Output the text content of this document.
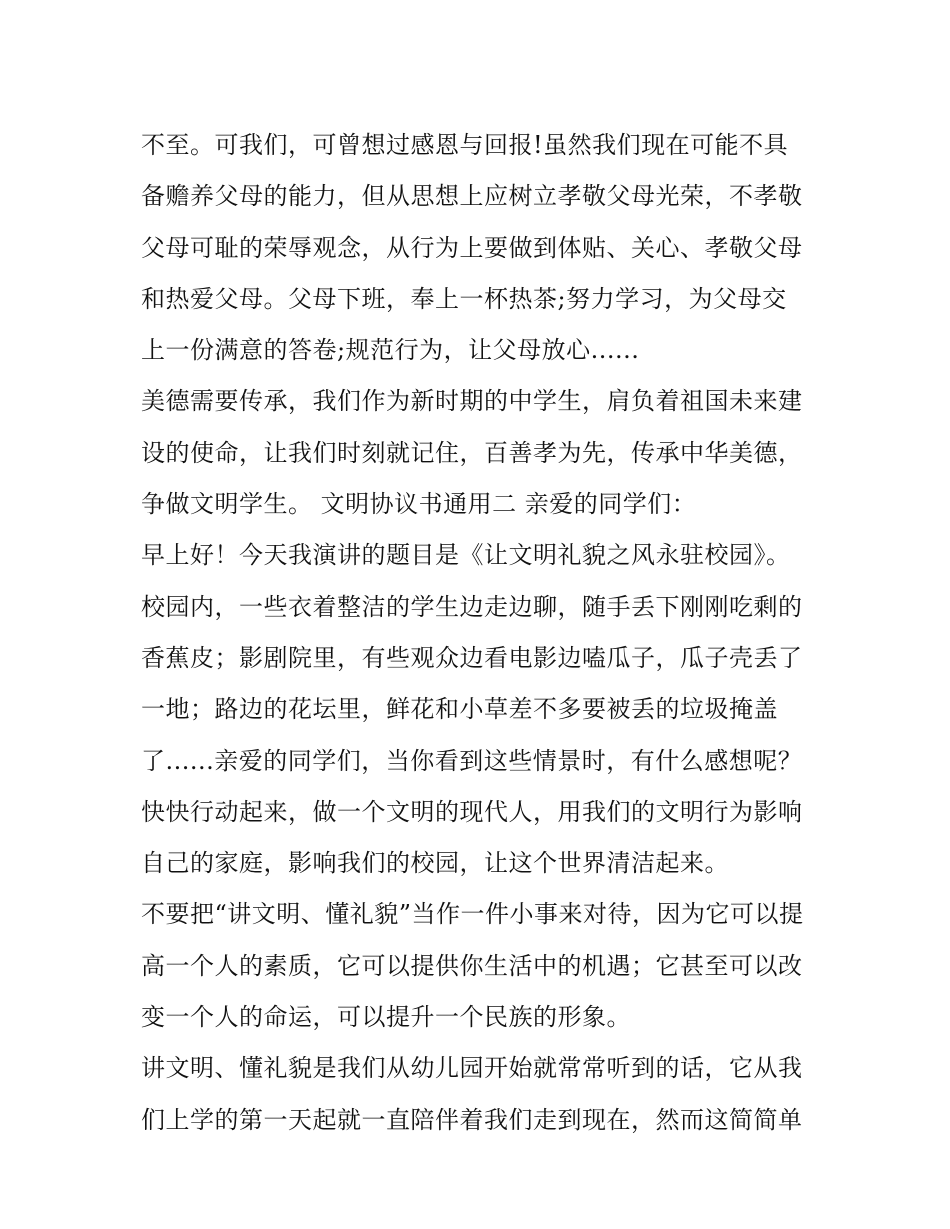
不至。可我们，可曾想过感恩与回报!虽然我们现在可能不具
备赡养父母的能力，但从思想上应树立孝敬父母光荣，不孝敬
父母可耻的荣辱观念，从行为上要做到体贴、关心、孝敬父母
和热爱父母。父母下班，奉上一杯热茶;努力学习，为父母交
上一份满意的答卷;规范行为，让父母放心......
美德需要传承，我们作为新时期的中学生，肩负着祖国未来建
设的使命，让我们时刻就记住，百善孝为先，传承中华美德，
争做文明学生。 文明协议书通用二 亲爱的同学们：
早上好！今天我演讲的题目是《让文明礼貌之风永驻校园》。
校园内，一些衣着整洁的学生边走边聊，随手丢下刚刚吃剩的
香蕉皮；影剧院里，有些观众边看电影边嗑瓜子，瓜子壳丢了
一地；路边的花坛里，鲜花和小草差不多要被丢的垃圾掩盖
了......亲爱的同学们，当你看到这些情景时，有什么感想呢？
快快行动起来，做一个文明的现代人，用我们的文明行为影响
自己的家庭，影响我们的校园，让这个世界清洁起来。
不要把“讲文明、懂礼貌”当作一件小事来对待，因为它可以提
高一个人的素质，它可以提供你生活中的机遇；它甚至可以改
变一个人的命运，可以提升一个民族的形象。
讲文明、懂礼貌是我们从幼儿园开始就常常听到的话，它从我
们上学的第一天起就一直陪伴着我们走到现在，然而这简简单
